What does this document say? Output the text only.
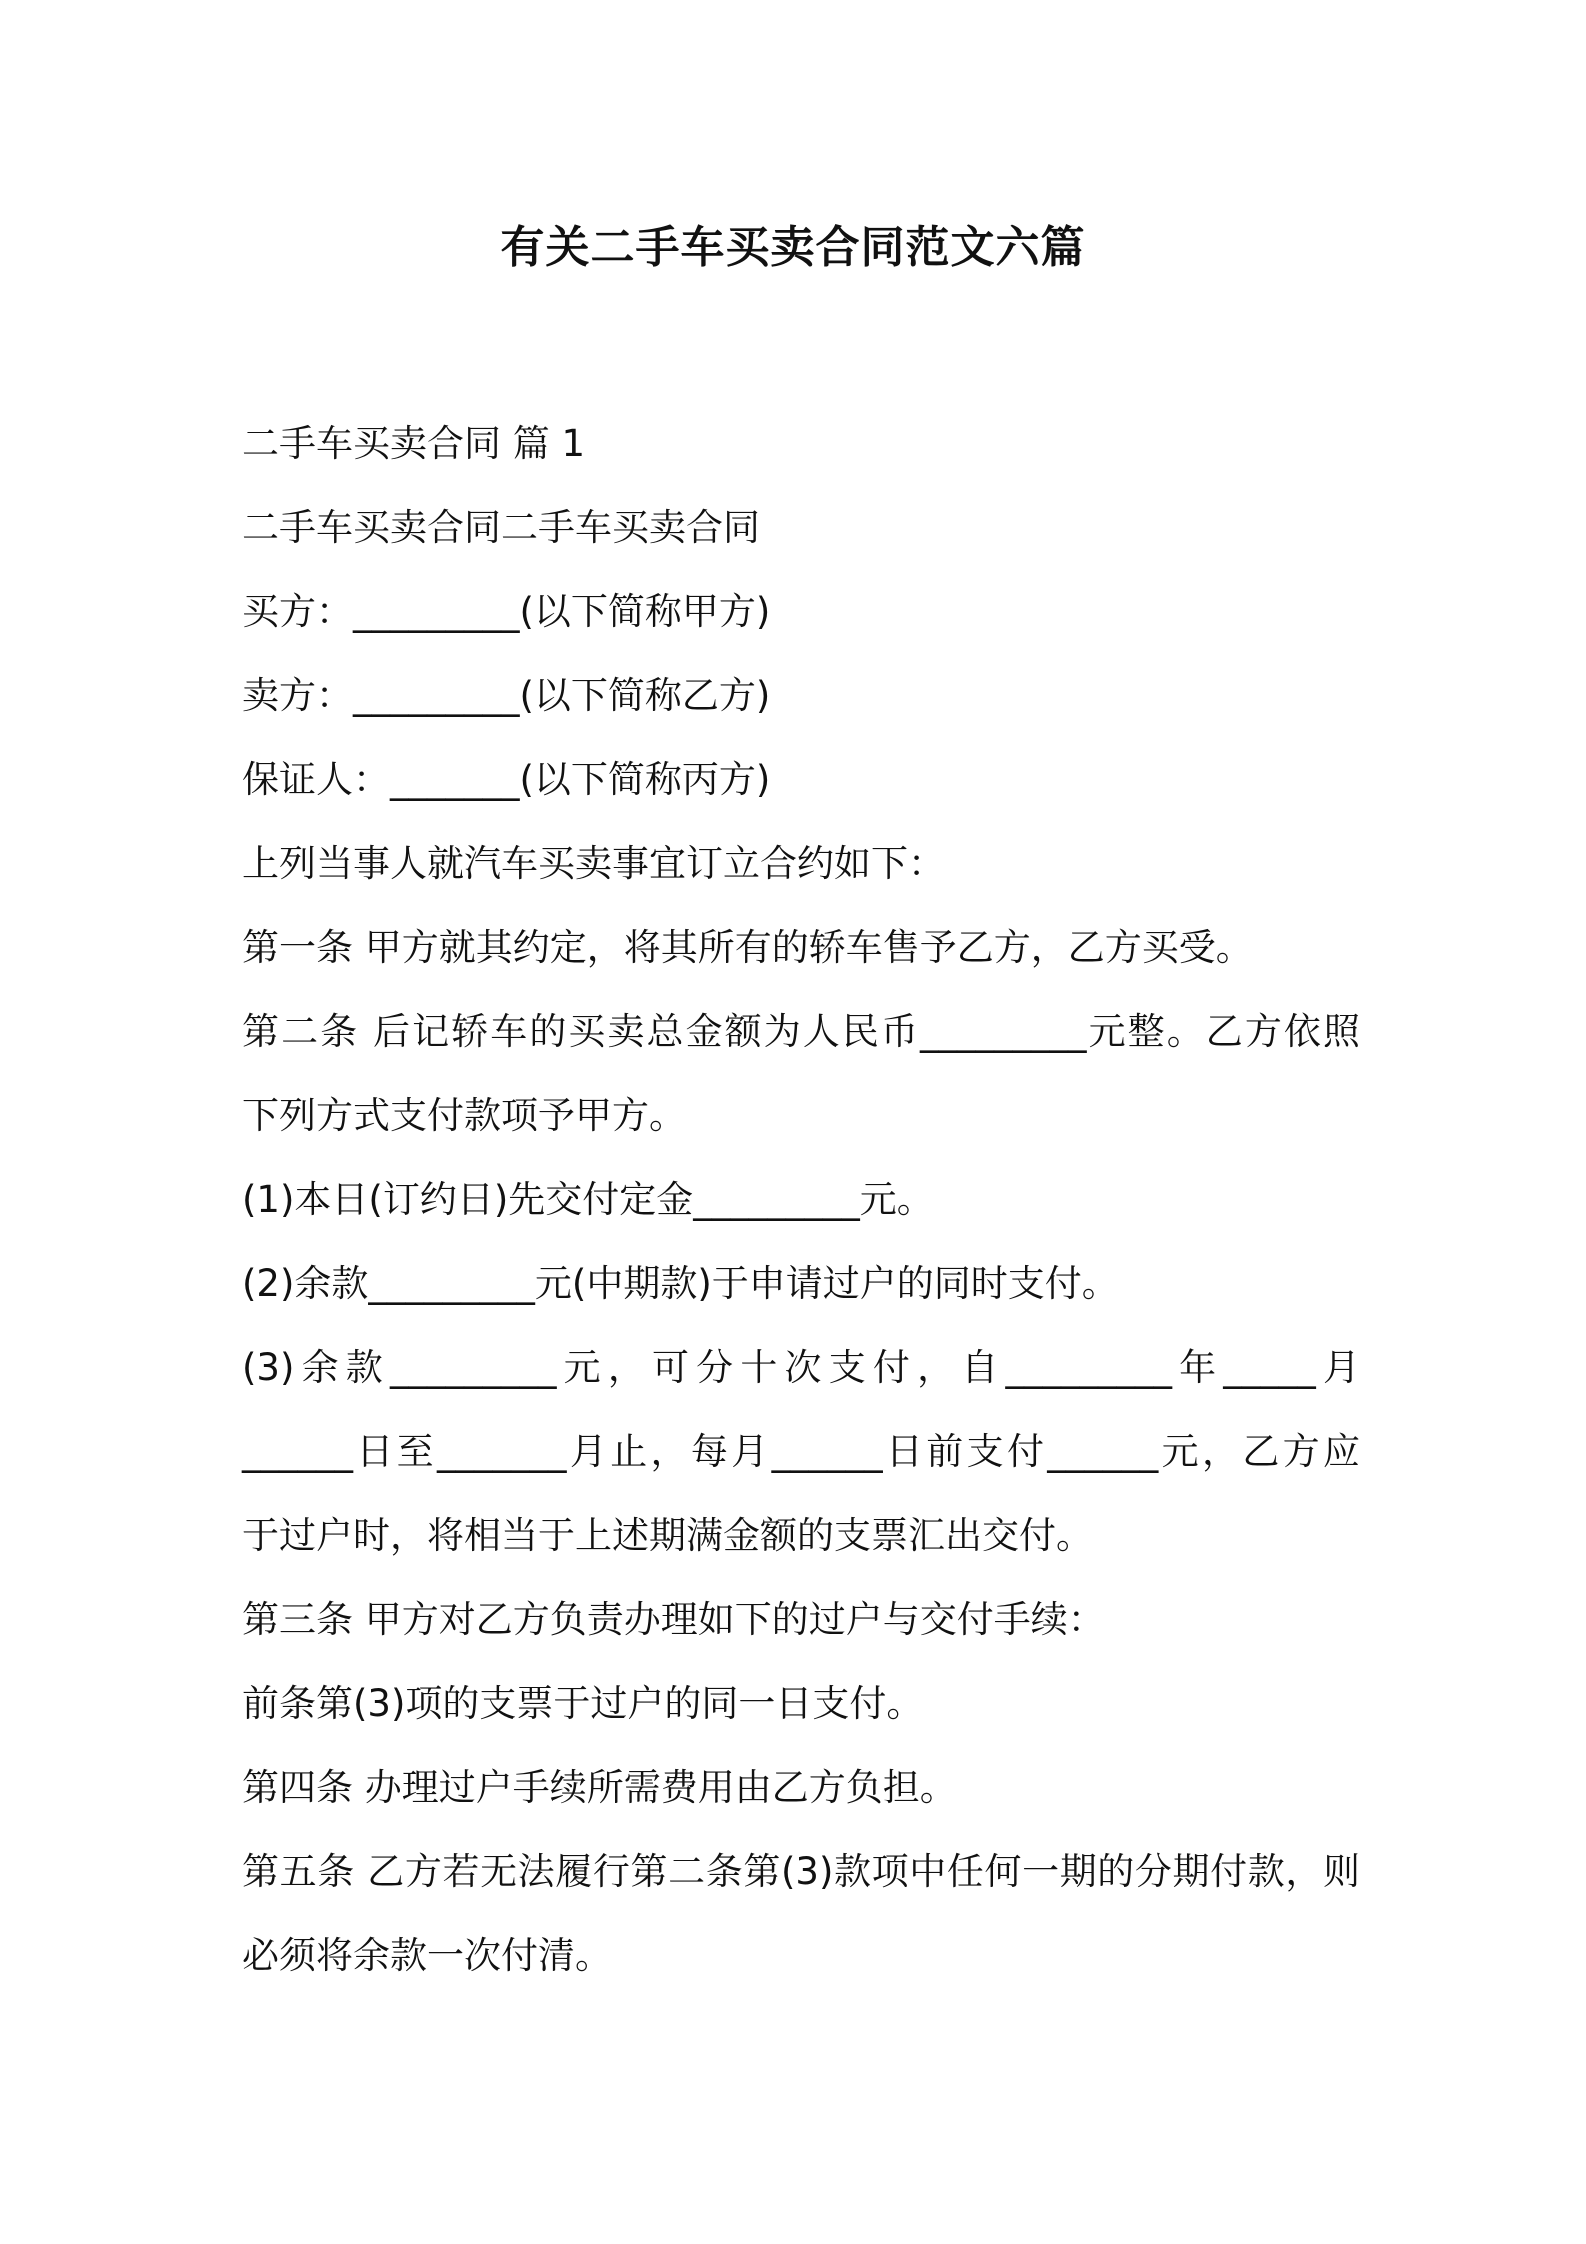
有关二手车买卖合同范文六篇

二手车买卖合同 篇 1

二手车买卖合同二手车买卖合同

买方：_________(以下简称甲方)

卖方：_________(以下简称乙方)

保证人：_______(以下简称丙方)

上列当事人就汽车买卖事宜订立合约如下：

第一条 甲方就其约定，将其所有的轿车售予乙方，乙方买受。

第二条 后记轿车的买卖总金额为人民币_________元整。乙方依照

下列方式支付款项予甲方。

(1)本日(订约日)先交付定金_________元。

(2)余款_________元(中期款)于申请过户的同时支付。

(3)余款_________元，可分十次支付，自_________年_____月

______日至_______月止，每月______日前支付______元，乙方应

于过户时，将相当于上述期满金额的支票汇出交付。

第三条 甲方对乙方负责办理如下的过户与交付手续：

前条第(3)项的支票于过户的同一日支付。

第四条 办理过户手续所需费用由乙方负担。

第五条 乙方若无法履行第二条第(3)款项中任何一期的分期付款，则

必须将余款一次付清。
